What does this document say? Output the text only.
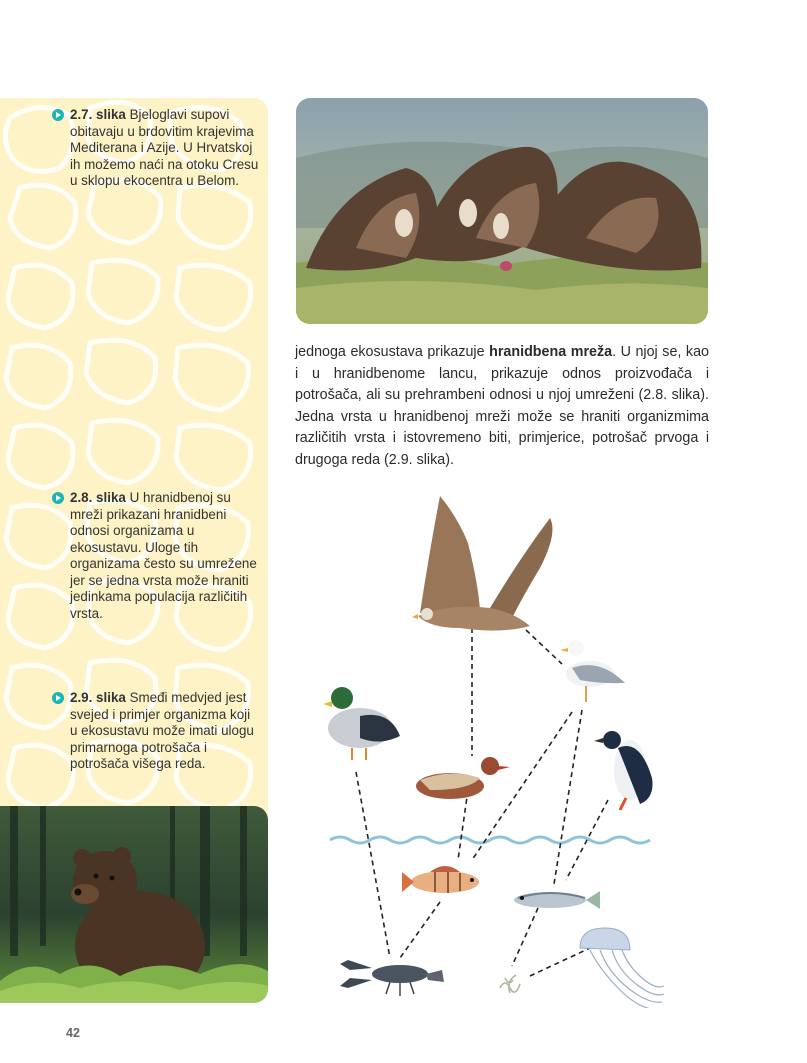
2.7. slika Bjeloglavi supovi obitavaju u brdovitim krajevima Mediterana i Azije. U Hrvatskoj ih možemo naći na otoku Cresu u sklopu ekocentra u Belom.
2.8. slika U hranidbenoj su mreži prikazani hranidbeni odnosi organizama u ekosustavu. Uloge tih organizama često su umrežene jer se jedna vrsta može hraniti jedinkama populacija različitih vrsta.
2.9. slika Smeđi medvjed jest svejed i primjer organizma koji u ekosustavu može imati ulogu primarnoga potrošača i potrošača višega reda.
jednoga ekosustava prikazuje hranidbena mreža. U njoj se, kao i u hranidbenome lancu, prikazuje odnos proizvođača i potrošača, ali su prehrambeni odnosi u njoj umreženi (2.8. slika). Jedna vrsta u hranidbenoj mreži može se hraniti organizmima različitih vrsta i istovremeno biti, primjerice, potrošač prvoga i drugoga reda (2.9. slika).
42
